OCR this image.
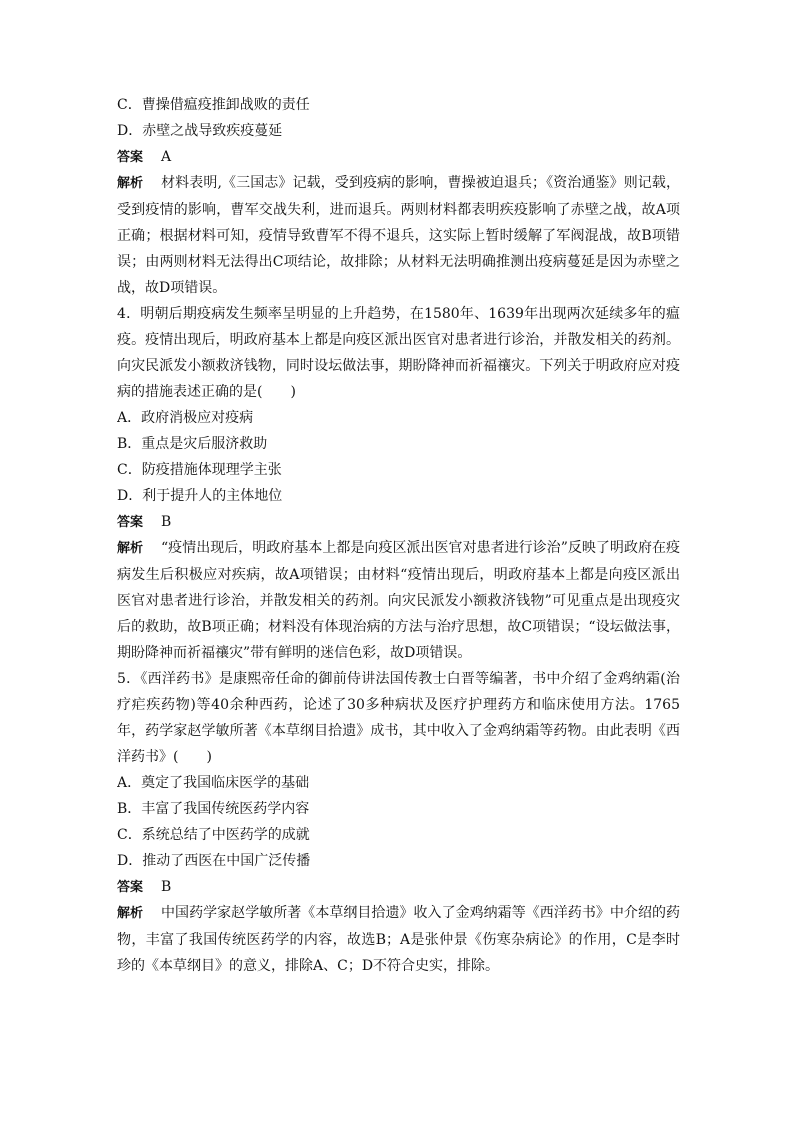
C．曹操借瘟疫推卸战败的责任
D．赤壁之战导致疾疫蔓延
答案 A
解析 材料表明,《三国志》记载，受到疫病的影响，曹操被迫退兵；《资治通鉴》则记载，受到疫情的影响，曹军交战失利，进而退兵。两则材料都表明疾疫影响了赤壁之战，故A项正确；根据材料可知，疫情导致曹军不得不退兵，这实际上暂时缓解了军阀混战，故B项错误；由两则材料无法得出C项结论，故排除；从材料无法明确推测出疫病蔓延是因为赤壁之战，故D项错误。
4．明朝后期疫病发生频率呈明显的上升趋势，在1580年、1639年出现两次延续多年的瘟疫。疫情出现后，明政府基本上都是向疫区派出医官对患者进行诊治，并散发相关的药剂。向灾民派发小额救济钱物，同时设坛做法事，期盼降神而祈福禳灾。下列关于明政府应对疫病的措施表述正确的是(　　)
A．政府消极应对疫病
B．重点是灾后服济救助
C．防疫措施体现理学主张
D．利于提升人的主体地位
答案 B
解析 “疫情出现后，明政府基本上都是向疫区派出医官对患者进行诊治”反映了明政府在疫病发生后积极应对疾病，故A项错误；由材料“疫情出现后，明政府基本上都是向疫区派出医官对患者进行诊治，并散发相关的药剂。向灾民派发小额救济钱物”可见重点是出现疫灾后的救助，故B项正确；材料没有体现治病的方法与治疗思想，故C项错误；“设坛做法事，期盼降神而祈福禳灾”带有鲜明的迷信色彩，故D项错误。
5．《西洋药书》是康熙帝任命的御前侍讲法国传教士白晋等编著，书中介绍了金鸡纳霜(治疗疟疾药物)等40余种西药，论述了30多种病状及医疗护理药方和临床使用方法。1765年，药学家赵学敏所著《本草纲目拾遗》成书，其中收入了金鸡纳霜等药物。由此表明《西洋药书》(　　)
A．奠定了我国临床医学的基础
B．丰富了我国传统医药学内容
C．系统总结了中医药学的成就
D．推动了西医在中国广泛传播
答案 B
解析 中国药学家赵学敏所著《本草纲目拾遗》收入了金鸡纳霜等《西洋药书》中介绍的药物，丰富了我国传统医药学的内容，故选B；A是张仲景《伤寒杂病论》的作用，C是李时珍的《本草纲目》的意义，排除A、C；D不符合史实，排除。
